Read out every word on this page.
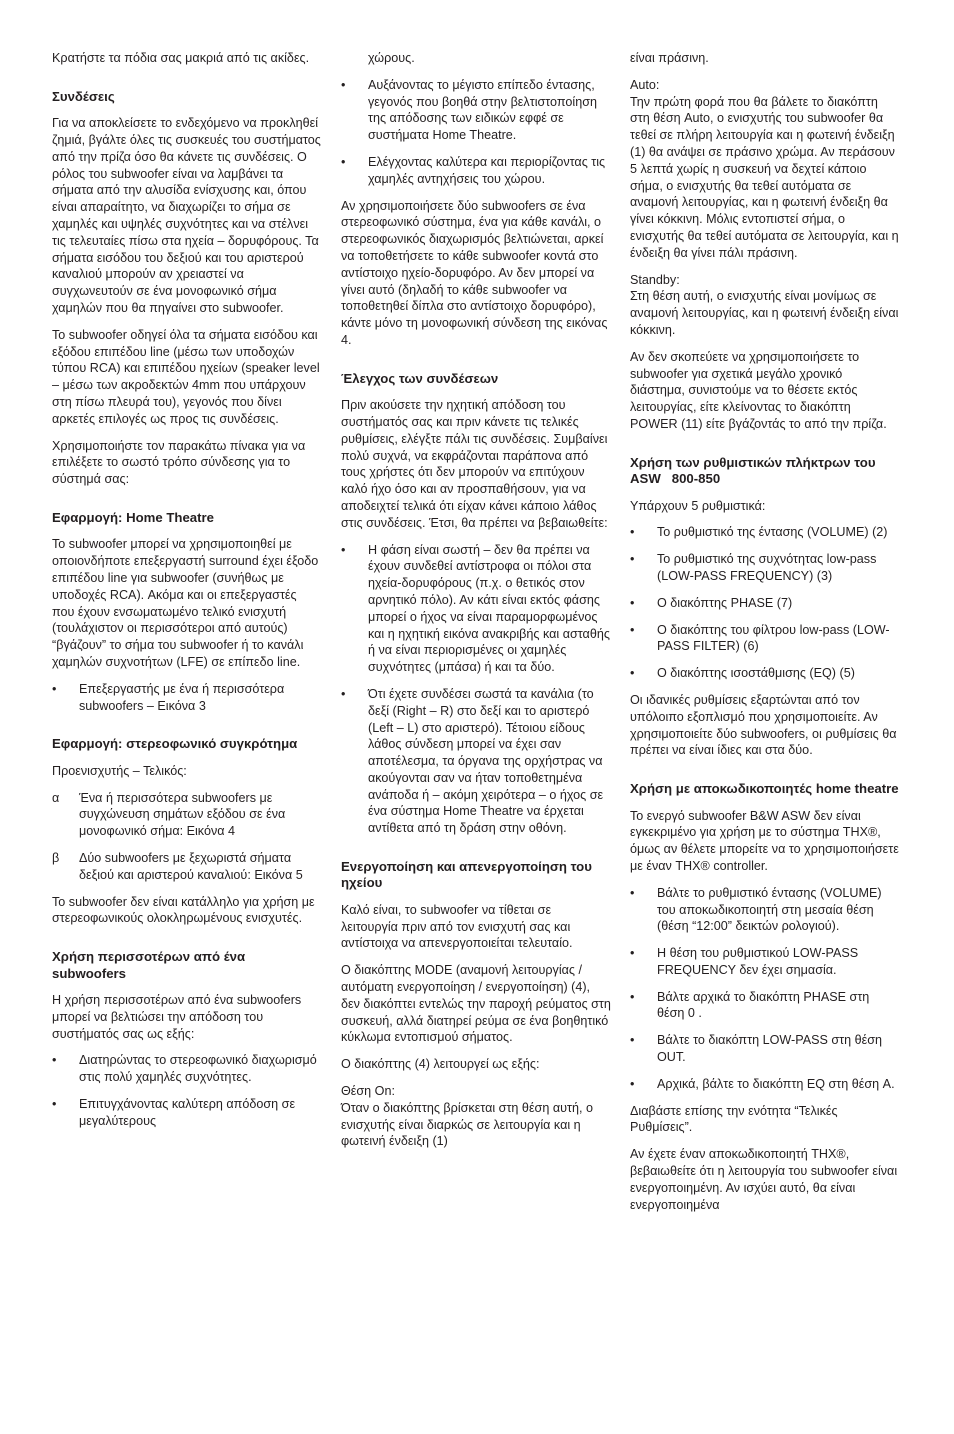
Κρατήστε τα πόδια σας μακριά από τις ακίδες.

Συνδέσεις

Για να αποκλείσετε το ενδεχόμενο να προκληθεί ζημιά, βγάλτε όλες τις συσκευές του συστήματος από την πρίζα όσο θα κάνετε τις συνδέσεις. Ο ρόλος του subwoofer είναι να λαμβάνει τα σήματα από την αλυσίδα ενίσχυσης και, όπου είναι απαραίτητο, να διαχωρίζει το σήμα σε χαμηλές και υψηλές συχνότητες και να στέλνει τις τελευταίες πίσω στα ηχεία – δορυφόρους. Τα σήματα εισόδου του δεξιού και του αριστερού καναλιού μπορούν αν χρειαστεί να συγχωνευτούν σε ένα μονοφωνικό σήμα χαμηλών που θα πηγαίνει στο subwoofer.

Το subwoofer οδηγεί όλα τα σήματα εισόδου και εξόδου επιπέδου line (μέσω των υποδοχών τύπου RCA) και επιπέδου ηχείων (speaker level – μέσω των ακροδεκτών 4mm που υπάρχουν στη πίσω πλευρά του), γεγονός που δίνει αρκετές επιλογές ως προς τις συνδέσεις.

Χρησιμοποιήστε τον παρακάτω πίνακα για να επιλέξετε το σωστό τρόπο σύνδεσης για το σύστημά σας:

Εφαρμογή: Home Theatre

Το subwoofer μπορεί να χρησιμοποιηθεί με οποιονδήποτε επεξεργαστή surround έχει έξοδο επιπέδου line για subwoofer (συνήθως με υποδοχές RCA). Ακόμα και οι επεξεργαστές που έχουν ενσωματωμένο τελικό ενισχυτή (τουλάχιστον οι περισσότεροι από αυτούς) “βγάζουν” το σήμα του subwoofer ή το κανάλι χαμηλών συχνοτήτων (LFE) σε επίπεδο line.

• Επεξεργαστής με ένα ή περισσότερα subwoofers – Εικόνα 3
Εφαρμογή: στερεοφωνικό συγκρότημα

Προενισχυτής – Τελικός:

α Ένα ή περισσότερα subwoofers με συγχώνευση σημάτων εξόδου σε ένα μονοφωνικό σήμα: Εικόνα 4
β Δύο subwoofers με ξεχωριστά σήματα δεξιού και αριστερού καναλιού: Εικόνα 5

Το subwoofer δεν είναι κατάλληλο για χρήση με στερεοφωνικούς ολοκληρωμένους ενισχυτές.

Χρήση περισσοτέρων από ένα subwoofers

Η χρήση περισσοτέρων από ένα subwoofers μπορεί να βελτιώσει την απόδοση του συστήματός σας ως εξής:

• Διατηρώντας το στερεοφωνικό διαχωρισμό στις πολύ χαμηλές συχνότητες.
• Επιτυγχάνοντας καλύτερη απόδοση σε μεγαλύτερους

χώρους.

• Αυξάνοντας το μέγιστο επίπεδο έντασης, γεγονός που βοηθά στην βελτιστοποίηση της απόδοσης των ειδικών εφφέ σε συστήματα Home Theatre.
• Ελέγχοντας καλύτερα και περιορίζοντας τις χαμηλές αντηχήσεις του χώρου.

Αν χρησιμοποιήσετε δύο subwoofers σε ένα στερεοφωνικό σύστημα, ένα για κάθε κανάλι, ο στερεοφωνικός διαχωρισμός βελτιώνεται, αρκεί να τοποθετήσετε το κάθε subwoofer κοντά στο αντίστοιχο ηχείο-δορυφόρο. Αν δεν μπορεί να γίνει αυτό (δηλαδή το κάθε subwoofer να τοποθετηθεί δίπλα στο αντίστοιχο δορυφόρο), κάντε μόνο τη μονοφωνική σύνδεση της εικόνας 4.

Έλεγχος των συνδέσεων

Πριν ακούσετε την ηχητική απόδοση του συστήματός σας και πριν κάνετε τις τελικές ρυθμίσεις, ελέγξτε πάλι τις συνδέσεις. Συμβαίνει πολύ συχνά, να εκφράζονται παράπονα από τους χρήστες ότι δεν μπορούν να επιτύχουν καλό ήχο όσο και αν προσπαθήσουν, για να αποδειχτεί τελικά ότι είχαν κάνει κάποιο λάθος στις συνδέσεις. Έτσι, θα πρέπει να βεβαιωθείτε:

• Η φάση είναι σωστή – δεν θα πρέπει να έχουν συνδεθεί αντίστροφα οι πόλοι στα ηχεία-δορυφόρους (π.χ. ο θετικός στον αρνητικό πόλο). Αν κάτι είναι εκτός φάσης μπορεί ο ήχος να είναι παραμορφωμένος και η ηχητική εικόνα ανακριβής και ασταθής ή να είναι περιορισμένες οι χαμηλές συχνότητες (μπάσα) ή και τα δύο.
• Ότι έχετε συνδέσει σωστά τα κανάλια (το δεξί (Right – R) στο δεξί και το αριστερό (Left – L) στο αριστερό). Τέτοιου είδους λάθος σύνδεση μπορεί να έχει σαν αποτέλεσμα, τα όργανα της ορχήστρας να ακούγονται σαν να ήταν τοποθετημένα ανάποδα ή – ακόμη χειρότερα – ο ήχος σε ένα σύστημα Home Theatre να έρχεται αντίθετα από τη δράση στην οθόνη.
Ενεργοποίηση και απενεργοποίηση του ηχείου

Καλό είναι, το subwoofer να τίθεται σε λειτουργία πριν από τον ενισχυτή σας και αντίστοιχα να απενεργοποιείται τελευταίο.

Ο διακόπτης MODE (αναμονή λειτουργίας / αυτόματη ενεργοποίηση / ενεργοποίηση) (4), δεν διακόπτει εντελώς την παροχή ρεύματος στη συσκευή, αλλά διατηρεί ρεύμα σε ένα βοηθητικό κύκλωμα εντοπισμού σήματος.

Ο διακόπτης (4) λειτουργεί ως εξής:

Θέση On:
Όταν ο διακόπτης βρίσκεται στη θέση αυτή, ο ενισχυτής είναι διαρκώς σε λειτουργία και η φωτεινή ένδειξη (1)

είναι πράσινη.

Auto:
Την πρώτη φορά που θα βάλετε το διακόπτη στη θέση Auto, ο ενισχυτής του subwoofer θα τεθεί σε πλήρη λειτουργία και η φωτεινή ένδειξη (1) θα ανάψει σε πράσινο χρώμα. Αν περάσουν 5 λεπτά χωρίς η συσκευή να δεχτεί κάποιο σήμα, ο ενισχυτής θα τεθεί αυτόματα σε αναμονή λειτουργίας, και η φωτεινή ένδειξη θα γίνει κόκκινη. Μόλις εντοπιστεί σήμα, ο ενισχυτής θα τεθεί αυτόματα σε λειτουργία, και η ένδειξη θα γίνει πάλι πράσινη.

Standby:
Στη θέση αυτή, ο ενισχυτής είναι μονίμως σε αναμονή λειτουργίας, και η φωτεινή ένδειξη είναι κόκκινη.

Αν δεν σκοπεύετε να χρησιμοποιήσετε το subwoofer για σχετικά μεγάλο χρονικό διάστημα, συνιστούμε να το θέσετε εκτός λειτουργίας, είτε κλείνοντας το διακόπτη POWER (11) είτε βγάζοντάς το από την πρίζα.

Χρήση των ρυθμιστικών πλήκτρων του ASW   800-850

Υπάρχουν 5 ρυθμιστικά:

• Το ρυθμιστικό της έντασης (VOLUME) (2)
• Το ρυθμιστικό της συχνότητας low-pass (LOW-PASS FREQUENCY) (3)
• Ο διακόπτης PHASE (7)
• Ο διακόπτης του φίλτρου low-pass (LOW-PASS FILTER) (6)
• Ο διακόπτης ισοστάθμισης (EQ) (5)

Οι ιδανικές ρυθμίσεις εξαρτώνται από τον υπόλοιπο εξοπλισμό που χρησιμοποιείτε. Αν χρησιμοποιείτε δύο subwoofers, οι ρυθμίσεις θα πρέπει να είναι ίδιες και στα δύο.

Χρήση με αποκωδικοποιητές home theatre

Το ενεργό subwoofer B&W ASW δεν είναι εγκεκριμένο για χρήση με το σύστημα THX®, όμως αν θέλετε μπορείτε να το χρησιμοποιήσετε με έναν THX® controller.

• Βάλτε το ρυθμιστικό έντασης (VOLUME) του αποκωδικοποιητή στη μεσαία θέση (θέση “12:00” δεικτών ρολογιού).
• Η θέση του ρυθμιστικού LOW-PASS FREQUENCY δεν έχει σημασία.
• Βάλτε αρχικά το διακόπτη PHASE στη θέση 0 .
• Βάλτε το διακόπτη LOW-PASS στη θέση OUT.
• Αρχικά, βάλτε το διακόπτη EQ στη θέση A.

Διαβάστε επίσης την ενότητα “Τελικές Ρυθμίσεις”.

Αν έχετε έναν αποκωδικοποιητή THX®, βεβαιωθείτε ότι η λειτουργία του subwoofer είναι ενεργοποιημένη. Αν ισχύει αυτό, θα είναι ενεργοποιημένα
